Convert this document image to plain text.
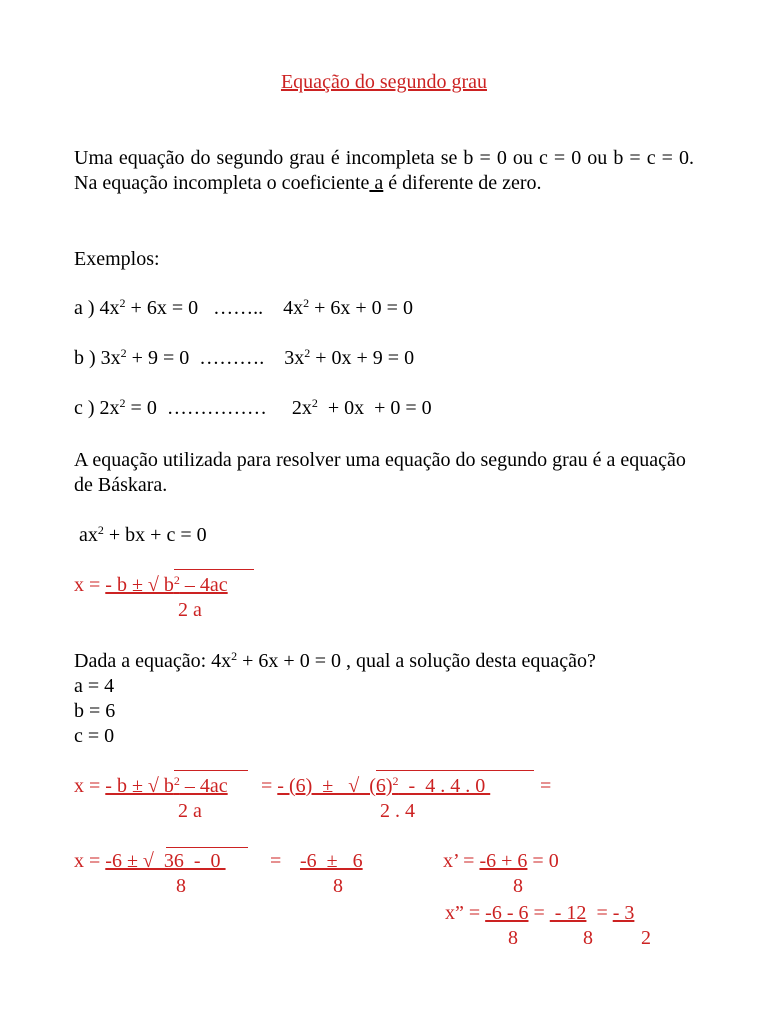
Equação do segundo grau
Uma equação do segundo grau é incompleta se b = 0 ou c = 0 ou b = c = 0. Na equação incompleta o coeficiente a é diferente de zero.
Exemplos:
a ) $4x^2 + 6x = 0$   ……..    $4x^2 + 6x + 0 = 0$
b ) $3x^2 + 9 = 0$  ……….    $3x^2 + 0x + 9 = 0$
c ) $2x^2 = 0$  ……………     $2x^2 + 0x + 0 = 0$
A equação utilizada para resolver uma equação do segundo grau é a equação de Báskara.
$ax^2$ + bx + c = 0
x = - b ± √ $b^2 - 4ac$
2 a
Dada a equação: $4x^2 + 6x + 0 = 0$ , qual a solução desta equação?
a = 4
b = 6
c = 0
x = - b ± √ $b^2 - 4ac$
2 a
= - (6)  ±   √  $(6)^2 - 4$ . 4 . 0 =
2 . 4
x = -6 ± √  36  -  0
8
= -6  ±   6
8
x’ = -6 + 6 = 0
8
x” = -6 - 6 =  - 12  = - 3
8	8 2
